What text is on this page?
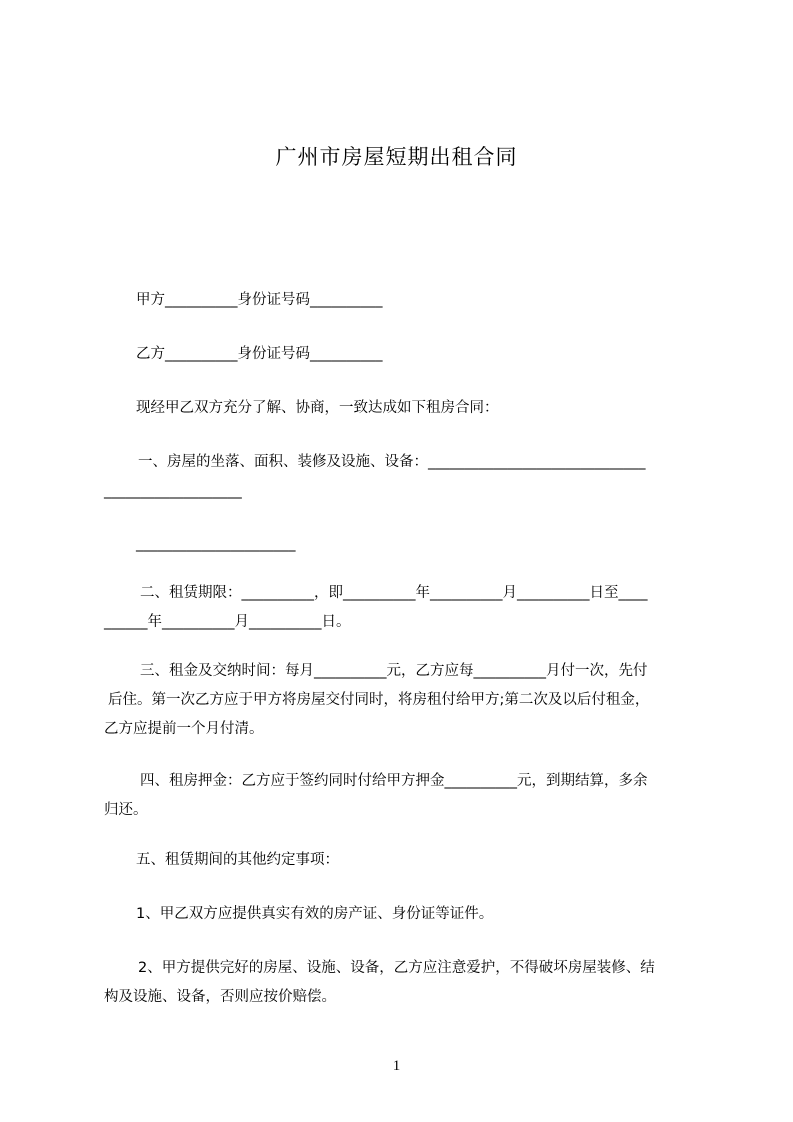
广州市房屋短期出租合同
甲方__________身份证号码__________
乙方__________身份证号码__________
现经甲乙双方充分了解、协商，一致达成如下租房合同：
一、房屋的坐落、面积、装修及设施、设备：______________________________
___________________
______________________
二、租赁期限：__________，即__________年__________月__________日至____
______年__________月__________日。
三、租金及交纳时间：每月__________元，乙方应每__________月付一次，先付
后住。第一次乙方应于甲方将房屋交付同时，将房租付给甲方;第二次及以后付租金，
乙方应提前一个月付清。
四、租房押金：乙方应于签约同时付给甲方押金__________元，到期结算，多余
归还。
五、租赁期间的其他约定事项：
1、甲乙双方应提供真实有效的房产证、身份证等证件。
2、甲方提供完好的房屋、设施、设备，乙方应注意爱护，不得破坏房屋装修、结
构及设施、设备，否则应按价赔偿。
1
